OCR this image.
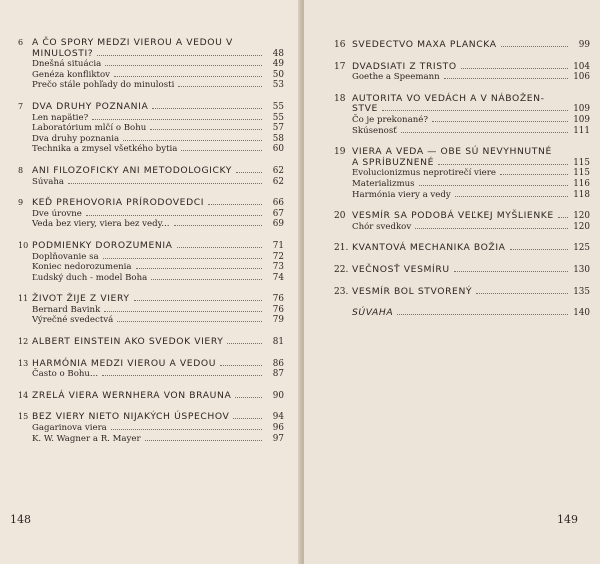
6 A ČO SPORY MEDZI VIEROU A VEDOU V
MINULOSTI?	48
Dnešná situácia	49
Genéza konfliktov	50
Prečo stále pohľady do minulosti	53
7 DVA DRUHY POZNANIA	55
Len napätie?	55
Laboratórium mlčí o Bohu	57
Dva druhy poznania	58
Technika a zmysel všetkého bytia	60
8 ANI FILOZOFICKY ANI METODOLOGICKY	62
Súvaha	62
9 KEĎ PREHOVORIA PRÍRODOVEDCI	66
Dve úrovne	67
Veda bez viery, viera bez vedy...	69
10 PODMIENKY DOROZUMENIA	71
Doplňovanie sa	72
Koniec nedorozumenia	73
Ľudský duch - model Boha	74
11 ŽIVOT ŽIJE Z VIERY	76
Bernard Bavink	76
Výrečné svedectvá	79
12 ALBERT EINSTEIN AKO SVEDOK VIERY	81
13 HARMÓNIA MEDZI VIEROU A VEDOU	86
Často o Bohu...	87
14 ZRELÁ VIERA WERNHERA VON BRAUNA	90
15 BEZ VIERY NIETO NIJAKÝCH ÚSPECHOV	94
Gagarinova viera	96
K. W. Wagner a R. Mayer	97
148
16 SVEDECTVO MAXA PLANCKA	99
17 DVADSIATI Z TRISTO	104
Goethe a Speemann	106
18 AUTORITA VO VEDÁCH A V NÁBOŽEN-
STVE	109
Čo je prekonané?	109
Skúsenosť	111
19 VIERA A VEDA — OBE SÚ NEVYHNUTNÉ
A SPRÍBUZNENÉ	115
Evolucionizmus neprotirečí viere	115
Materializmus	116
Harmónia viery a vedy	118
20 VESMÍR SA PODOBÁ VEĽKEJ MYŠLIENKE 120
Chór svedkov	120
21. KVANTOVÁ MECHANIKA BOŽIA	125
22. VEČNOSŤ VESMÍRU	130
23. VESMÍR BOL STVORENÝ	135
SÚVAHA	140
149
